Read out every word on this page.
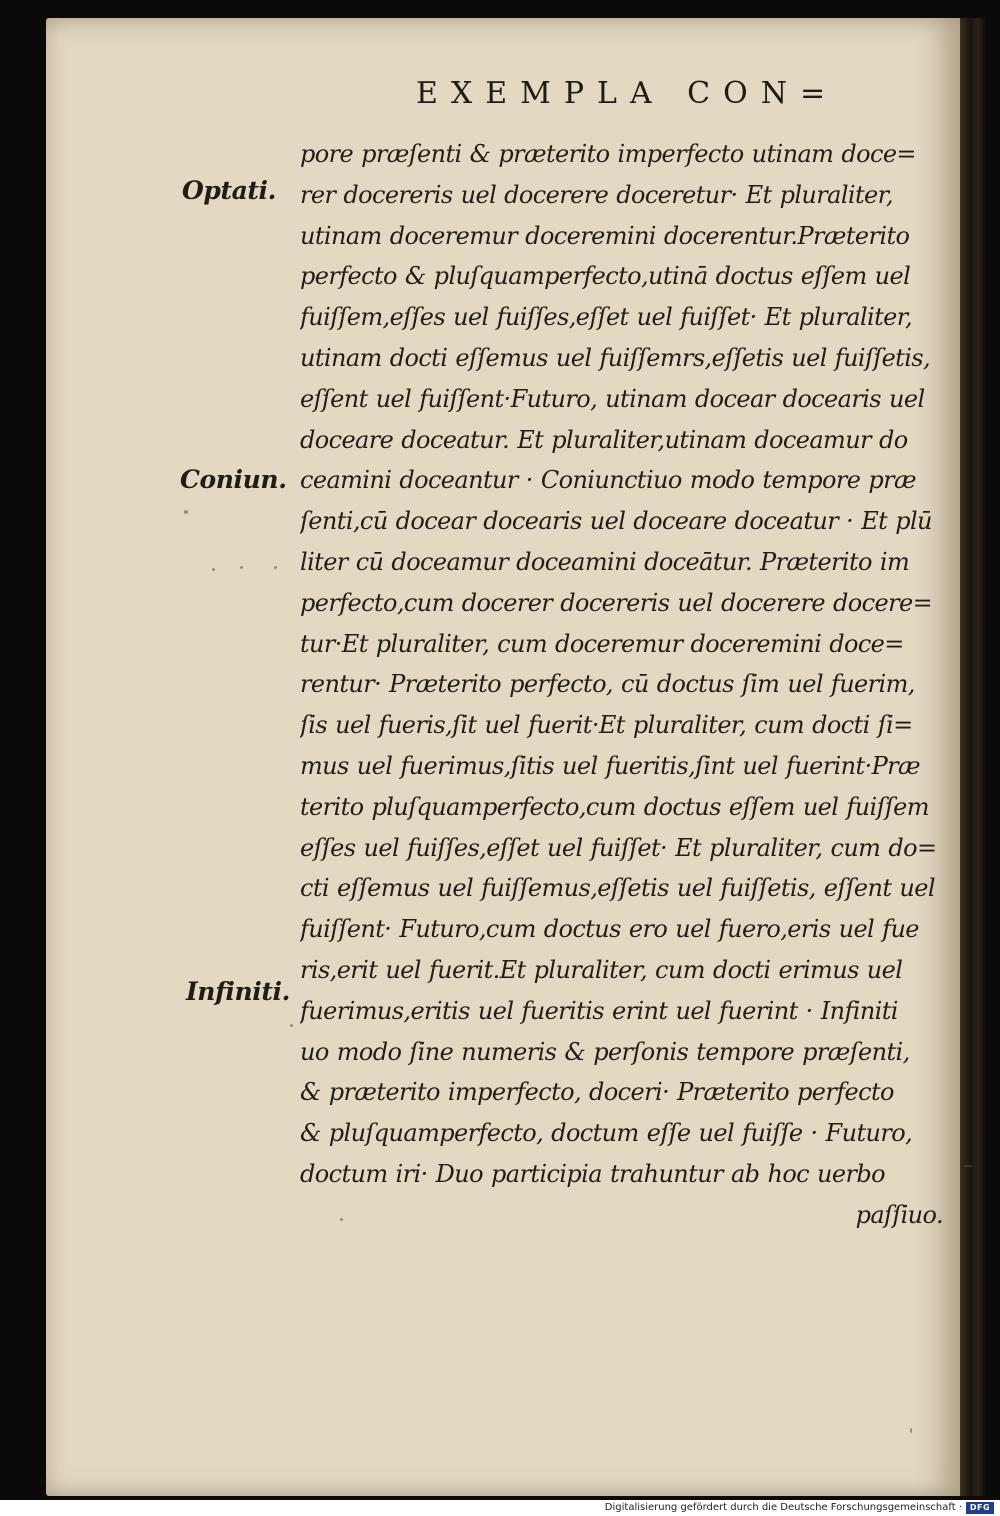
EXEMPLA CON=
Optati.
Coniun.
Infiniti.
pore præſenti & præterito imperfecto utinam doce=
rer docereris uel docerere doceretur· Et pluraliter,
utinam doceremur doceremini docerentur.Præterito
perfecto & pluſquamperfecto,utinā doctus eſſem uel
fuiſſem,eſſes uel fuiſſes,eſſet uel fuiſſet· Et pluraliter,
utinam docti eſſemus uel fuiſſemrs,eſſetis uel fuiſſetis,
eſſent uel fuiſſent·Futuro, utinam docear docearis uel
doceare doceatur. Et pluraliter,utinam doceamur do
ceamini doceantur · Coniunctiuo modo tempore præ
ſenti,cū docear docearis uel doceare doceatur · Et plū
liter cū doceamur doceamini doceātur. Præterito im
perfecto,cum docerer docereris uel docerere docere=
tur·Et pluraliter, cum doceremur doceremini doce=
rentur· Præterito perfecto, cū doctus ſim uel fuerim,
ſis uel fueris,ſit uel fuerit·Et pluraliter, cum docti ſi=
mus uel fuerimus,ſitis uel fueritis,ſint uel fuerint·Præ
terito pluſquamperfecto,cum doctus eſſem uel fuiſſem
eſſes uel fuiſſes,eſſet uel fuiſſet· Et pluraliter, cum do=
cti eſſemus uel fuiſſemus,eſſetis uel fuiſſetis, eſſent uel
fuiſſent· Futuro,cum doctus ero uel fuero,eris uel fue
ris,erit uel fuerit.Et pluraliter, cum docti erimus uel
fuerimus,eritis uel fueritis erint uel fuerint · Infiniti
uo modo ſine numeris & perſonis tempore præſenti,
& præterito imperfecto, doceri· Præterito perfecto
& pluſquamperfecto, doctum eſſe uel fuiſſe · Futuro,
doctum iri· Duo participia trahuntur ab hoc uerbo
paſſiuo.
Digitalisierung gefördert durch die Deutsche Forschungsgemeinschaft · DFG
